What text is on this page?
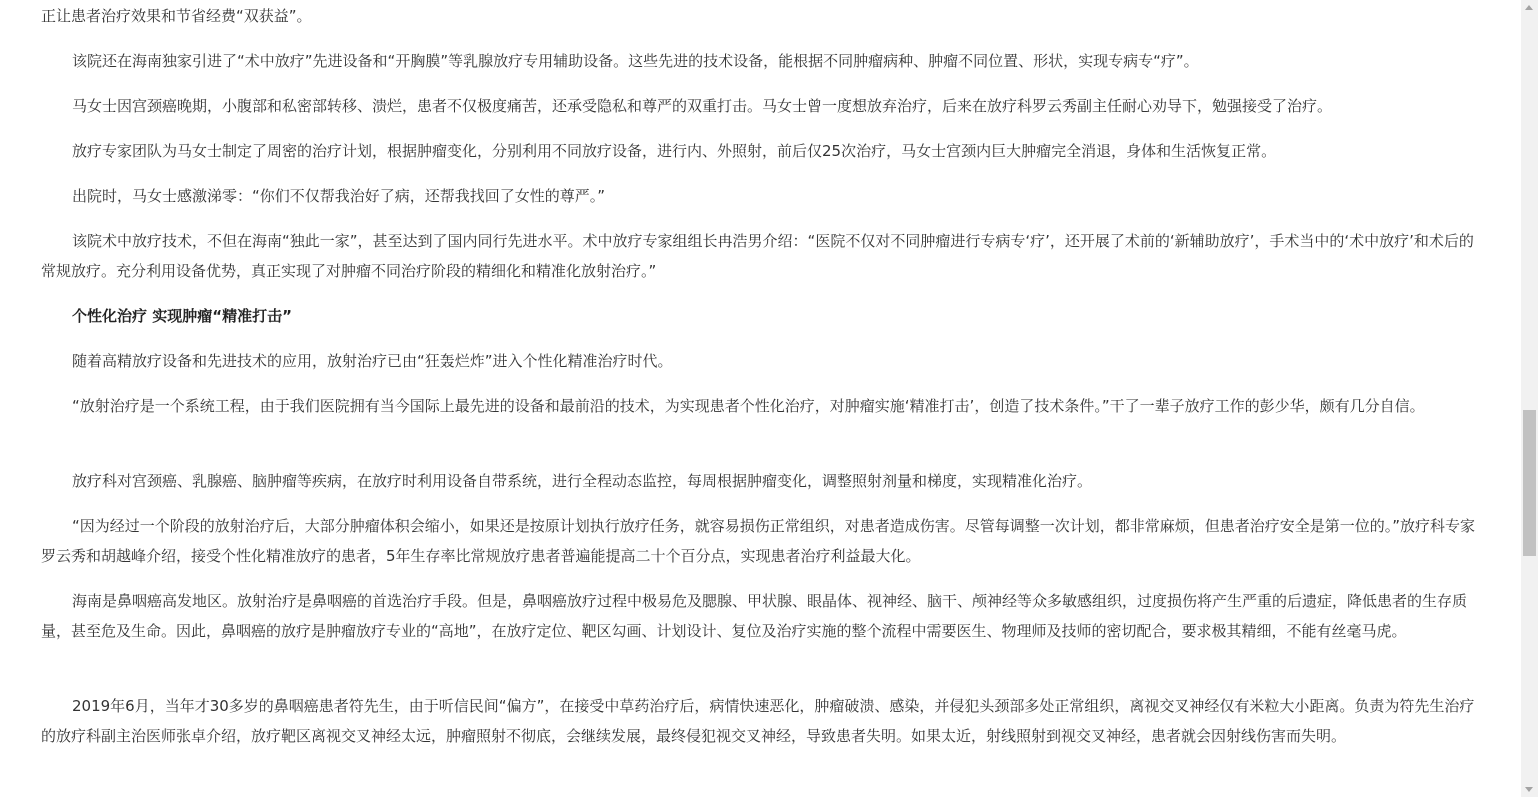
正让患者治疗效果和节省经费“双获益”。

该院还在海南独家引进了“术中放疗”先进设备和“开胸膜”等乳腺放疗专用辅助设备。这些先进的技术设备，能根据不同肿瘤病种、肿瘤不同位置、形状，实现专病专“疗”。

马女士因宫颈癌晚期，小腹部和私密部转移、溃烂，患者不仅极度痛苦，还承受隐私和尊严的双重打击。马女士曾一度想放弃治疗，后来在放疗科罗云秀副主任耐心劝导下，勉强接受了治疗。

放疗专家团队为马女士制定了周密的治疗计划，根据肿瘤变化，分别利用不同放疗设备，进行内、外照射，前后仅25次治疗，马女士宫颈内巨大肿瘤完全消退，身体和生活恢复正常。

出院时，马女士感激涕零：“你们不仅帮我治好了病，还帮我找回了女性的尊严。”

该院术中放疗技术，不但在海南“独此一家”，甚至达到了国内同行先进水平。术中放疗专家组组长冉浩男介绍：“医院不仅对不同肿瘤进行专病专‘疗’，还开展了术前的‘新辅助放疗’，手术当中的‘术中放疗’和术后的常规放疗。充分利用设备优势，真正实现了对肿瘤不同治疗阶段的精细化和精准化放射治疗。”

个性化治疗 实现肿瘤“精准打击”

随着高精放疗设备和先进技术的应用，放射治疗已由“狂轰烂炸”进入个性化精准治疗时代。

“放射治疗是一个系统工程，由于我们医院拥有当今国际上最先进的设备和最前沿的技术，为实现患者个性化治疗，对肿瘤实施‘精准打击’，创造了技术条件。”干了一辈子放疗工作的彭少华，颇有几分自信。

放疗科对宫颈癌、乳腺癌、脑肿瘤等疾病，在放疗时利用设备自带系统，进行全程动态监控，每周根据肿瘤变化，调整照射剂量和梯度，实现精准化治疗。

“因为经过一个阶段的放射治疗后，大部分肿瘤体积会缩小，如果还是按原计划执行放疗任务，就容易损伤正常组织，对患者造成伤害。尽管每调整一次计划，都非常麻烦，但患者治疗安全是第一位的。”放疗科专家罗云秀和胡越峰介绍，接受个性化精准放疗的患者，5年生存率比常规放疗患者普遍能提高二十个百分点，实现患者治疗利益最大化。

海南是鼻咽癌高发地区。放射治疗是鼻咽癌的首选治疗手段。但是，鼻咽癌放疗过程中极易危及腮腺、甲状腺、眼晶体、视神经、脑干、颅神经等众多敏感组织，过度损伤将产生严重的后遗症，降低患者的生存质量，甚至危及生命。因此，鼻咽癌的放疗是肿瘤放疗专业的“高地”，在放疗定位、靶区勾画、计划设计、复位及治疗实施的整个流程中需要医生、物理师及技师的密切配合，要求极其精细，不能有丝毫马虎。

2019年6月，当年才30多岁的鼻咽癌患者符先生，由于听信民间“偏方”，在接受中草药治疗后，病情快速恶化，肿瘤破溃、感染，并侵犯头颈部多处正常组织，离视交叉神经仅有米粒大小距离。负责为符先生治疗的放疗科副主治医师张卓介绍，放疗靶区离视交叉神经太远，肿瘤照射不彻底，会继续发展，最终侵犯视交叉神经，导致患者失明。如果太近，射线照射到视交叉神经，患者就会因射线伤害而失明。
